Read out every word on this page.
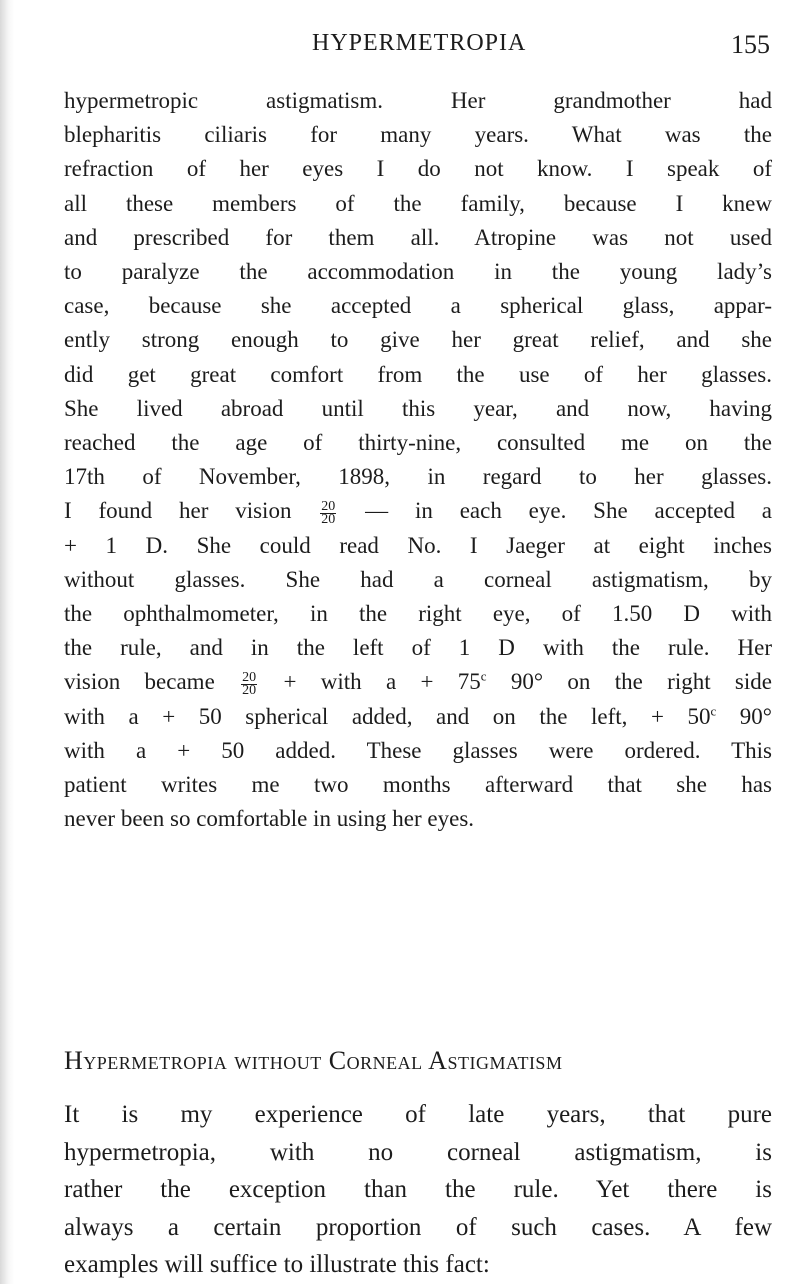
HYPERMETROPIA	155
hypermetropic astigmatism. Her grandmother had
blepharitis ciliaris for many years. What was the
refraction of her eyes I do not know. I speak of
all these members of the family, because I knew
and prescribed for them all. Atropine was not used
to paralyze the accommodation in the young lady’s
case, because she accepted a spherical glass, appar-
ently strong enough to give her great relief, and she
did get great comfort from the use of her glasses.
She lived abroad until this year, and now, having
reached the age of thirty-nine, consulted me on the
17th of November, 1898, in regard to her glasses.
I found her vision $\frac{20}{20}$ — in each eye. She accepted a
+ 1 D. She could read No. I Jaeger at eight inches
without glasses. She had a corneal astigmatism, by
the ophthalmometer, in the right eye, of 1.50 D with
the rule, and in the left of 1 D with the rule. Her
vision became $\frac{20}{20}$ + with $a + 75^c$ 90° on the right side
with a + 50 spherical added, and on the left, + $50^c$ 90°
with a + 50 added. These glasses were ordered. This
patient writes me two months afterward that she has
never been so comfortable in using her eyes.
Hypermetropia without Corneal Astigmatism
It is my experience of late years, that pure
hypermetropia, with no corneal astigmatism, is
rather the exception than the rule. Yet there is
always a certain proportion of such cases. A few
examples will suffice to illustrate this fact:
